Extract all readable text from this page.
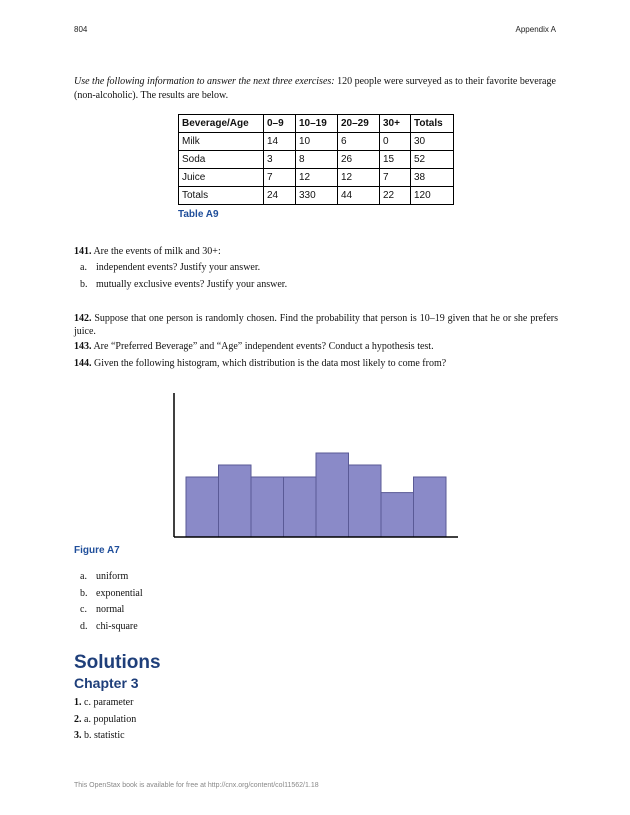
804	Appendix A
Use the following information to answer the next three exercises: 120 people were surveyed as to their favorite beverage (non-alcoholic). The results are below.
Beverage/Age	0–9	10–19	20–29	30+	Totals
Milk	14	10	6	0	30
Soda	3	8	26	15	52
Juice	7	12	12	7	38
Totals	24	330	44	22	120
Table A9
141. Are the events of milk and 30+:
a. independent events? Justify your answer.
b. mutually exclusive events? Justify your answer.
142. Suppose that one person is randomly chosen. Find the probability that person is 10–19 given that he or she prefers juice.
143. Are “Preferred Beverage” and “Age” independent events? Conduct a hypothesis test.
144. Given the following histogram, which distribution is the data most likely to come from?
Figure A7
a. uniform
b. exponential
c. normal
d. chi-square
Solutions
Chapter 3
1. c. parameter
2. a. population
3. b. statistic
This OpenStax book is available for free at http://cnx.org/content/col11562/1.18
